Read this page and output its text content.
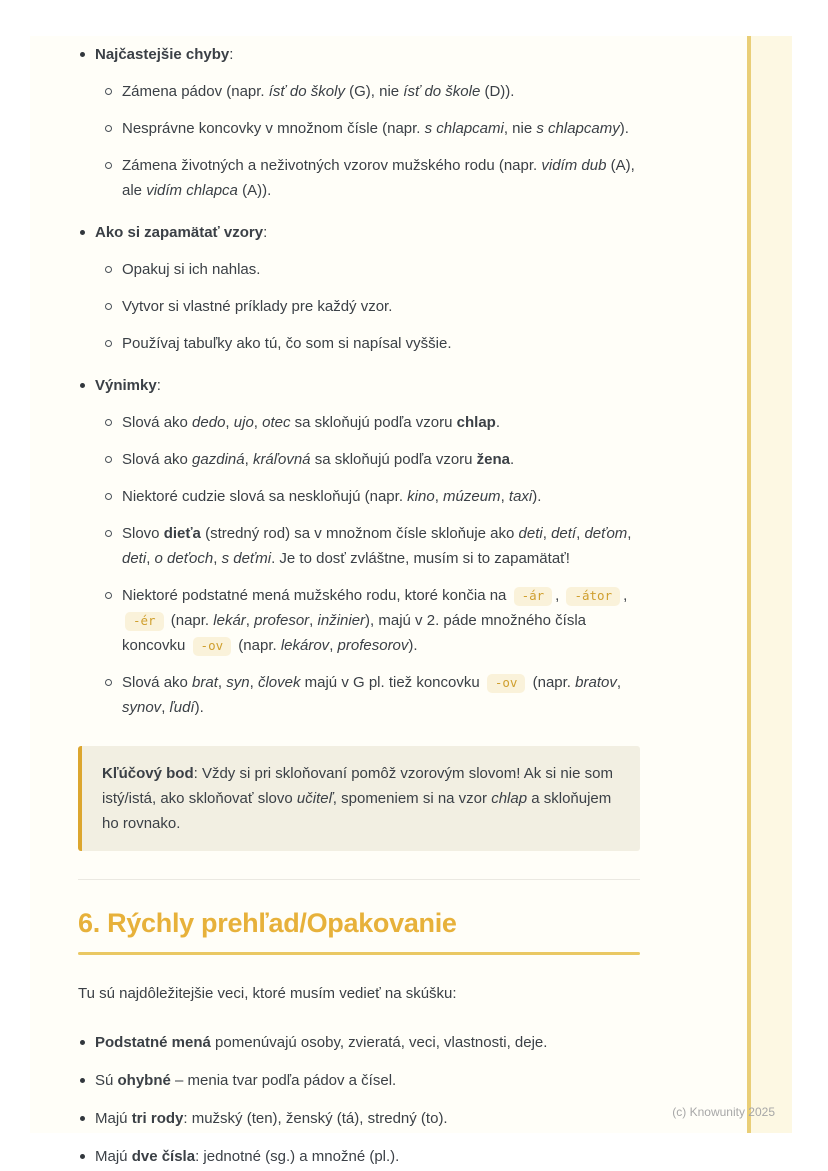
Najčastejšie chyby:
Zámena pádov (napr. ísť do školy (G), nie ísť do škole (D)).
Nesprávne koncovky v množnom čísle (napr. s chlapcami, nie s chlapcamy).
Zámena životných a neživotných vzorov mužského rodu (napr. vidím dub (A), ale vidím chlapca (A)).
Ako si zapamätať vzory:
Opakuj si ich nahlas.
Vytvor si vlastné príklady pre každý vzor.
Používaj tabuľky ako tú, čo som si napísal vyššie.
Výnimky:
Slová ako dedo, ujo, otec sa skloňujú podľa vzoru chlap.
Slová ako gazdiná, kráľovná sa skloňujú podľa vzoru žena.
Niektoré cudzie slová sa neskloňujú (napr. kino, múzeum, taxi).
Slovo dieťa (stredný rod) sa v množnom čísle skloňuje ako deti, detí, deťom, deti, o deťoch, s deťmi. Je to dosť zvláštne, musím si to zapamätať!
Niektoré podstatné mená mužského rodu, ktoré končia na -ár , -átor , -ér (napr. lekár, profesor, inžinier), majú v 2. páde množného čísla koncovku -ov (napr. lekárov, profesorov).
Slová ako brat, syn, človek majú v G pl. tiež koncovku -ov (napr. bratov, synov, ľudí).

Kľúčový bod: Vždy si pri skloňovaní pomôž vzorovým slovom! Ak si nie som istý/istá, ako skloňovať slovo učiteľ, spomeniem si na vzor chlap a skloňujem ho rovnako.

6. Rýchly prehľad/Opakovanie

Tu sú najdôležitejšie veci, ktoré musím vedieť na skúšku:

Podstatné mená pomenúvajú osoby, zvieratá, veci, vlastnosti, deje.
Sú ohybné – menia tvar podľa pádov a čísel.
Majú tri rody: mužský (ten), ženský (tá), stredný (to).
Majú dve čísla: jednotné (sg.) a množné (pl.).
(c) Knowunity 2025
